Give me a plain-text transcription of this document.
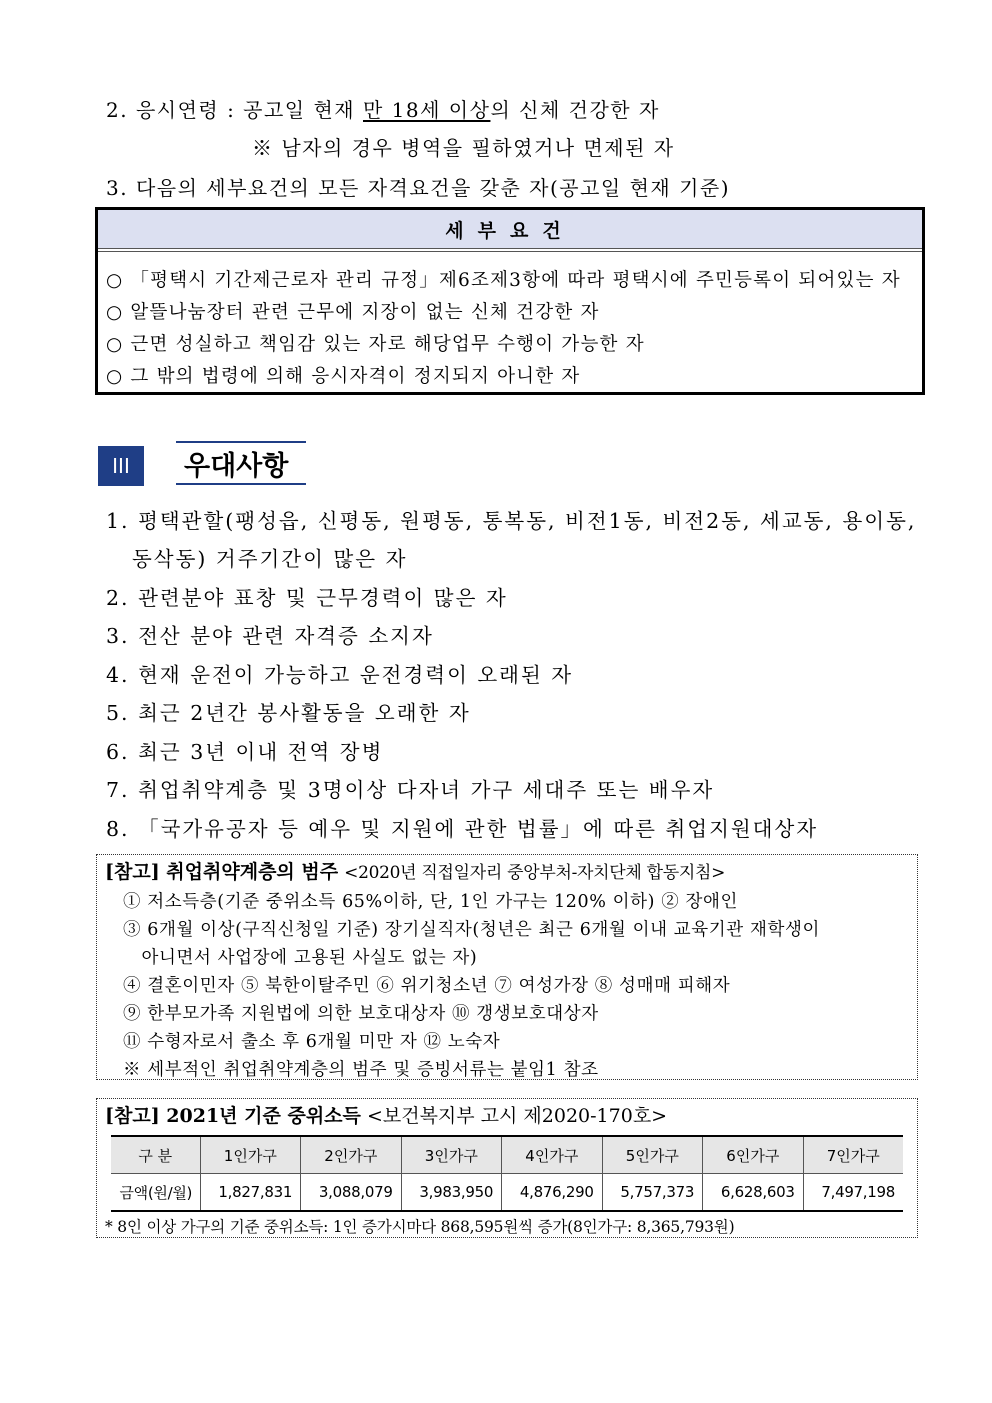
2. 응시연령 : 공고일 현재 만 18세 이상의 신체 건강한 자
※ 남자의 경우 병역을 필하였거나 면제된 자
3. 다음의 세부요건의 모든 자격요건을 갖춘 자(공고일 현재 기준)
세부요건
○ 「평택시 기간제근로자 관리 규정」제6조제3항에 따라 평택시에 주민등록이 되어있는 자
○ 알뜰나눔장터 관련 근무에 지장이 없는 신체 건강한 자
○ 근면 성실하고 책임감 있는 자로 해당업무 수행이 가능한 자
○ 그 밖의 법령에 의해 응시자격이 정지되지 아니한 자
III	우대사항
1. 평택관할(팽성읍, 신평동, 원평동, 통복동, 비전1동, 비전2동, 세교동, 용이동,
동삭동) 거주기간이 많은 자
2. 관련분야 표창 및 근무경력이 많은 자
3. 전산 분야 관련 자격증 소지자
4. 현재 운전이 가능하고 운전경력이 오래된 자
5. 최근 2년간 봉사활동을 오래한 자
6. 최근 3년 이내 전역 장병
7. 취업취약계층 및 3명이상 다자녀 가구 세대주 또는 배우자
8. 「국가유공자 등 예우 및 지원에 관한 법률」에 따른 취업지원대상자
[참고] 취업취약계층의 범주 <2020년 직접일자리 중앙부처-자치단체 합동지침>
① 저소득층(기준 중위소득 65%이하, 단, 1인 가구는 120% 이하) ② 장애인
③ 6개월 이상(구직신청일 기준) 장기실직자(청년은 최근 6개월 이내 교육기관 재학생이
아니면서 사업장에 고용된 사실도 없는 자)
④ 결혼이민자 ⑤ 북한이탈주민 ⑥ 위기청소년 ⑦ 여성가장 ⑧ 성매매 피해자
⑨ 한부모가족 지원법에 의한 보호대상자 ⑩ 갱생보호대상자
⑪ 수형자로서 출소 후 6개월 미만 자 ⑫ 노숙자
※ 세부적인 취업취약계층의 범주 및 증빙서류는 붙임1 참조
[참고] 2021년 기준 중위소득 <보건복지부 고시 제2020-170호>
구 분	1인가구	2인가구	3인가구	4인가구	5인가구	6인가구	7인가구
금액(원/월)	1,827,831	3,088,079	3,983,950	4,876,290	5,757,373	6,628,603	7,497,198
* 8인 이상 가구의 기준 중위소득: 1인 증가시마다 868,595원씩 증가(8인가구: 8,365,793원)
